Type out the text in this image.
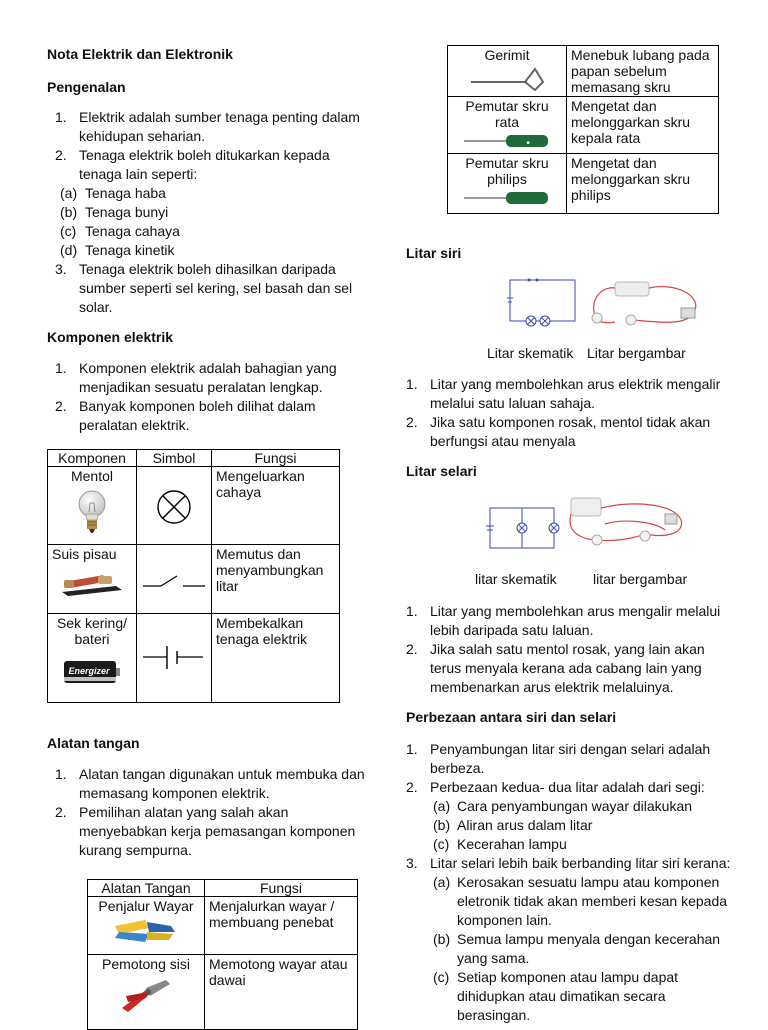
Nota Elektrik dan Elektronik
Pengenalan
1. Elektrik adalah sumber tenaga penting dalam kehidupan seharian.
2. Tenaga elektrik boleh ditukarkan kepada tenaga lain seperti:
(a) Tenaga haba
(b) Tenaga bunyi
(c) Tenaga cahaya
(d) Tenaga kinetik
3. Tenaga elektrik boleh dihasilkan daripada sumber seperti sel kering, sel basah dan sel solar.
Komponen elektrik
1. Komponen elektrik adalah bahagian yang menjadikan sesuatu peralatan lengkap.
2. Banyak komponen boleh dilihat dalam peralatan elektrik.
Komponen	Simbol	Fungsi

Mentol		Mengeluarkan cahaya

Suis pisau		Memutus dan menyambungkan litar

Sek kering/ bateri
Energizer		Membekalkan tenaga elektrik
Alatan tangan
1. Alatan tangan digunakan untuk membuka dan memasang komponen elektrik.
2. Pemilihan alatan yang salah akan menyebabkan kerja pemasangan komponen kurang sempurna.
Alatan Tangan	Fungsi

Penjalur Wayar	Menjalurkan wayar / membuang penebat

Pemotong sisi	Memotong wayar atau dawai
Gerimit	Menebuk lubang pada papan sebelum memasang skru

Pemutar skru rata
■	Mengetat dan melonggarkan skru kepala rata

Pemutar skru philips	Mengetat dan melonggarkan skru philips
Litar siri
Litar skematik Litar bergambar
1. Litar yang membolehkan arus elektrik mengalir melalui satu laluan sahaja.
2. Jika satu komponen rosak, mentol tidak akan berfungsi atau menyala
Litar selari
litar skematik	litar bergambar
1. Litar yang membolehkan arus mengalir melalui lebih daripada satu laluan.
2. Jika salah satu mentol rosak, yang lain akan terus menyala kerana ada cabang lain yang membenarkan arus elektrik melaluinya.
Perbezaan antara siri dan selari
1. Penyambungan litar siri dengan selari adalah berbeza.
2. Perbezaan kedua- dua litar adalah dari segi:
(a) Cara penyambungan wayar dilakukan
(b) Aliran arus dalam litar
(c) Kecerahan lampu
3. Litar selari lebih baik berbanding litar siri kerana:
(a) Kerosakan sesuatu lampu atau komponen eletronik tidak akan memberi kesan kepada komponen lain.
(b) Semua lampu menyala dengan kecerahan yang sama.
(c) Setiap komponen atau lampu dapat dihidupkan atau dimatikan secara berasingan.
